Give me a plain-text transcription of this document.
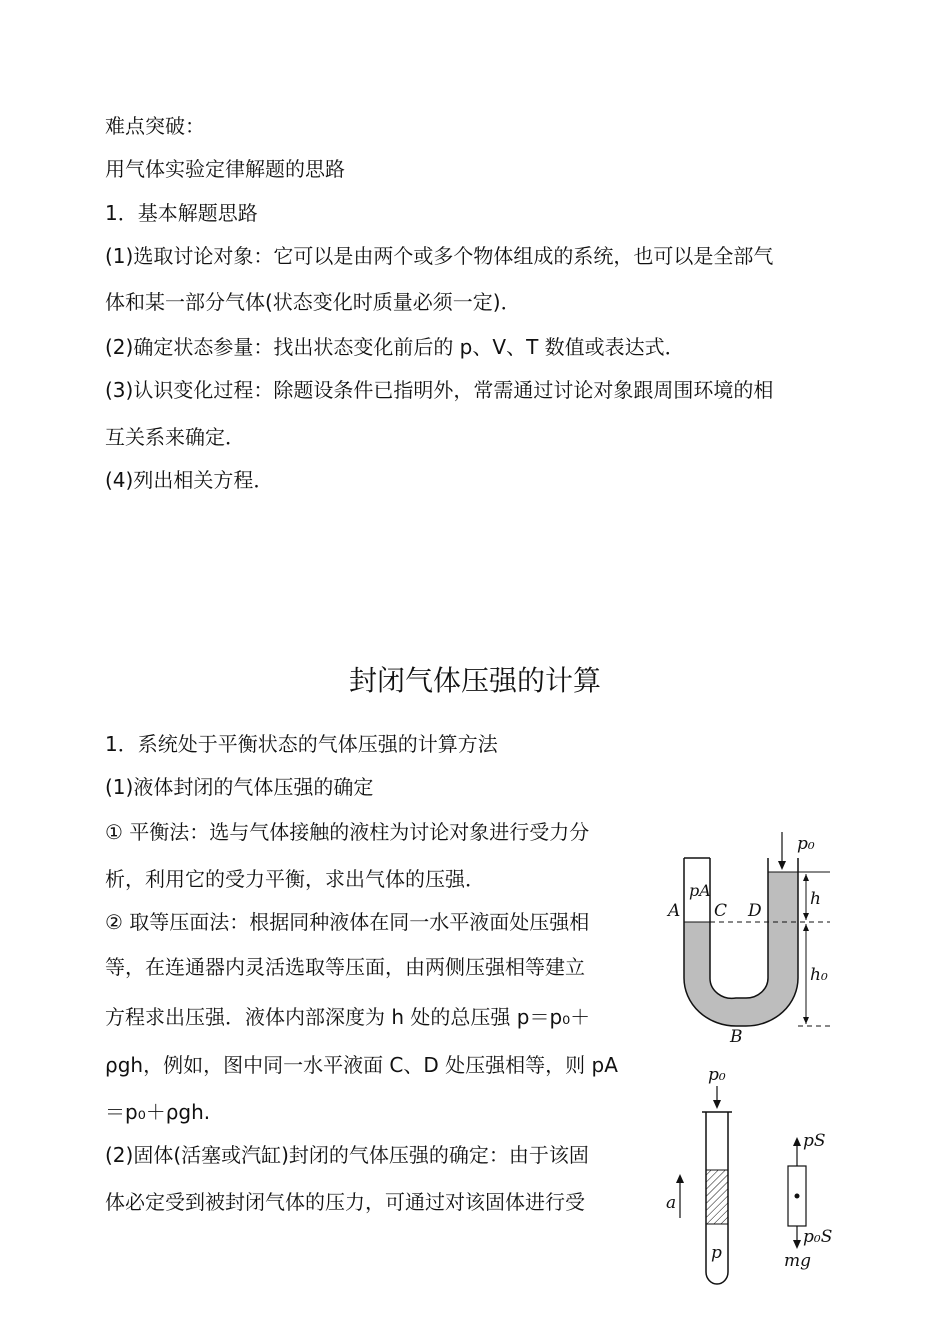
难点突破：
用气体实验定律解题的思路
1．基本解题思路
(1)选取讨论对象：它可以是由两个或多个物体组成的系统，也可以是全部气
体和某一部分气体(状态变化时质量必须一定)．
(2)确定状态参量：找出状态变化前后的 p、V、T 数值或表达式．
(3)认识变化过程：除题设条件已指明外，常需通过讨论对象跟周围环境的相
互关系来确定．
(4)列出相关方程．
封闭气体压强的计算
1．系统处于平衡状态的气体压强的计算方法
(1)液体封闭的气体压强的确定
① 平衡法：选与气体接触的液柱为讨论对象进行受力分
析，利用它的受力平衡，求出气体的压强．
② 取等压面法：根据同种液体在同一水平液面处压强相
等，在连通器内灵活选取等压面，由两侧压强相等建立
方程求出压强．液体内部深度为 h 处的总压强 p＝p₀＋
ρgh，例如，图中同一水平液面 C、D 处压强相等，则 pA
＝p₀＋ρgh.
(2)固体(活塞或汽缸)封闭的气体压强的确定：由于该固
体必定受到被封闭气体的压力，可通过对该固体进行受
p₀
pA
A C D
h
h₀
B
p₀
a
p
pS
p₀S
mg
